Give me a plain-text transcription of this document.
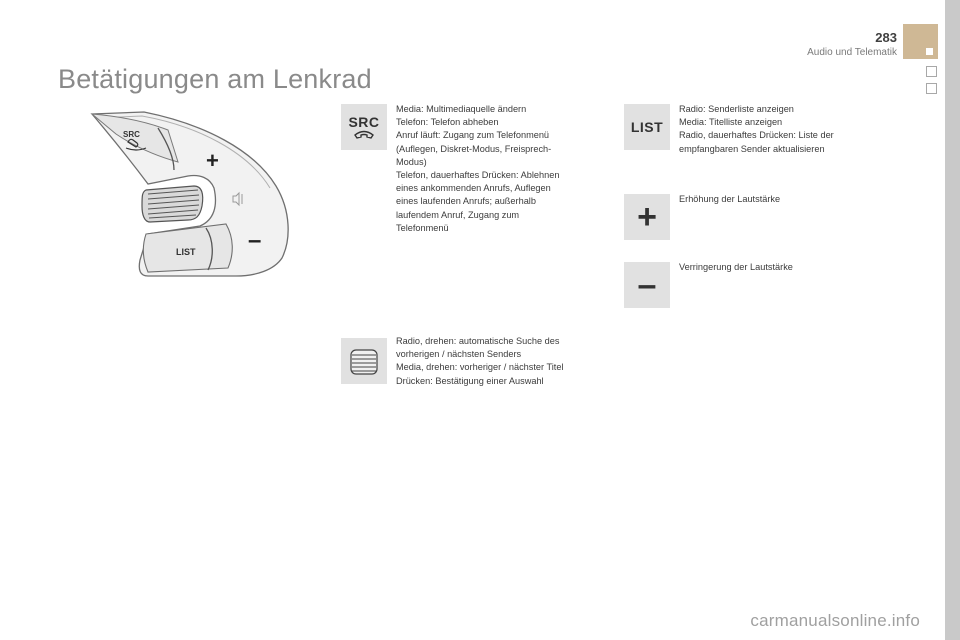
283
Audio und Telematik
Betätigungen am Lenkrad
SRC
+
LIST –
SRC
Media: Multimediaquelle ändern
Telefon: Telefon abheben
Anruf läuft: Zugang zum Telefonmenü
(Auflegen, Diskret-Modus, Freisprech-
Modus)
Telefon, dauerhaftes Drücken: Ablehnen
eines ankommenden Anrufs, Auflegen
eines laufenden Anrufs; außerhalb
laufendem Anruf, Zugang zum
Telefonmenü
Radio, drehen: automatische Suche des
vorherigen / nächsten Senders
Media, drehen: vorheriger / nächster Titel
Drücken: Bestätigung einer Auswahl
LIST
Radio: Senderliste anzeigen
Media: Titelliste anzeigen
Radio, dauerhaftes Drücken: Liste der
empfangbaren Sender aktualisieren
+ Erhöhung der Lautstärke
– Verringerung der Lautstärke
carmanualsonline.info
